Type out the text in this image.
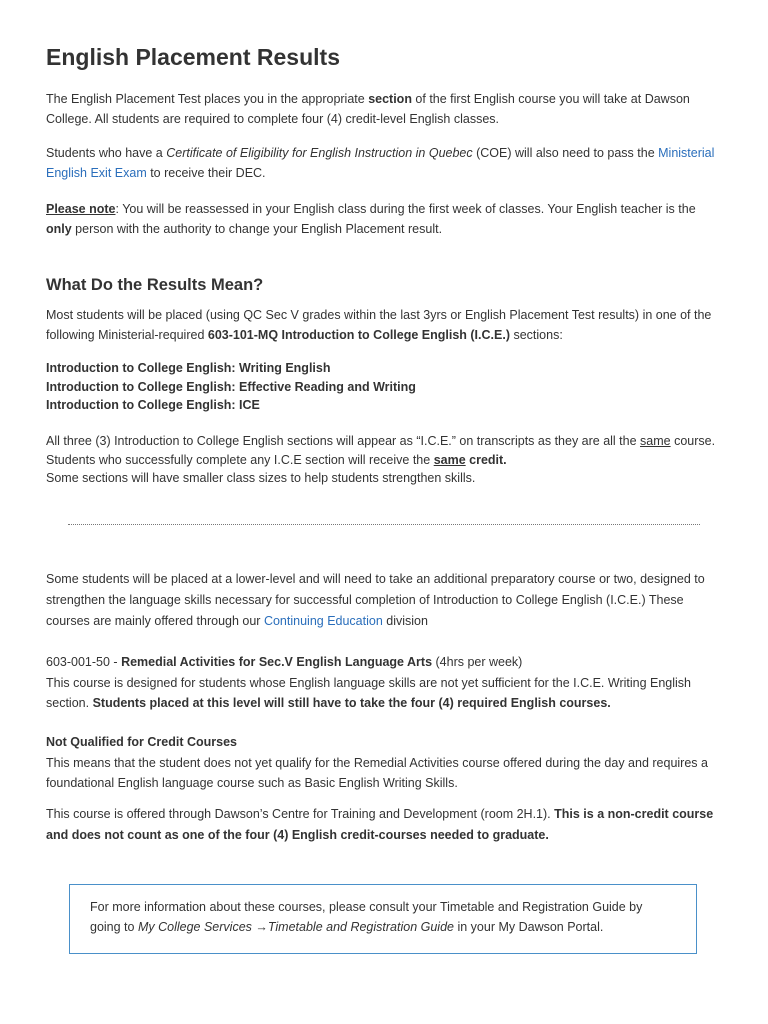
English Placement Results

The English Placement Test places you in the appropriate section of the first English course you will take at Dawson College. All students are required to complete four (4) credit-level English classes.

Students who have a Certificate of Eligibility for English Instruction in Quebec (COE) will also need to pass the Ministerial English Exit Exam to receive their DEC.

Please note: You will be reassessed in your English class during the first week of classes. Your English teacher is the only person with the authority to change your English Placement result.

What Do the Results Mean?

Most students will be placed (using QC Sec V grades within the last 3yrs or English Placement Test results) in one of the following Ministerial-required 603-101-MQ Introduction to College English (I.C.E.) sections:

Introduction to College English: Writing English
Introduction to College English: Effective Reading and Writing
Introduction to College English: ICE
All three (3) Introduction to College English sections will appear as “I.C.E.” on transcripts as they are all the same course.
Students who successfully complete any I.C.E section will receive the same credit.
Some sections will have smaller class sizes to help students strengthen skills.

Some students will be placed at a lower-level and will need to take an additional preparatory course or two, designed to strengthen the language skills necessary for successful completion of Introduction to College English (I.C.E.) These courses are mainly offered through our Continuing Education division

603-001-50 - Remedial Activities for Sec.V English Language Arts (4hrs per week)
This course is designed for students whose English language skills are not yet sufficient for the I.C.E. Writing English section. Students placed at this level will still have to take the four (4) required English courses.
Not Qualified for Credit Courses
This means that the student does not yet qualify for the Remedial Activities course offered during the day and requires a foundational English language course such as Basic English Writing Skills.

This course is offered through Dawson’s Centre for Training and Development (room 2H.1). This is a non-credit course and does not count as one of the four (4) English credit-courses needed to graduate.

For more information about these courses, please consult your Timetable and Registration Guide by going to My College Services →Timetable and Registration Guide in your My Dawson Portal.
